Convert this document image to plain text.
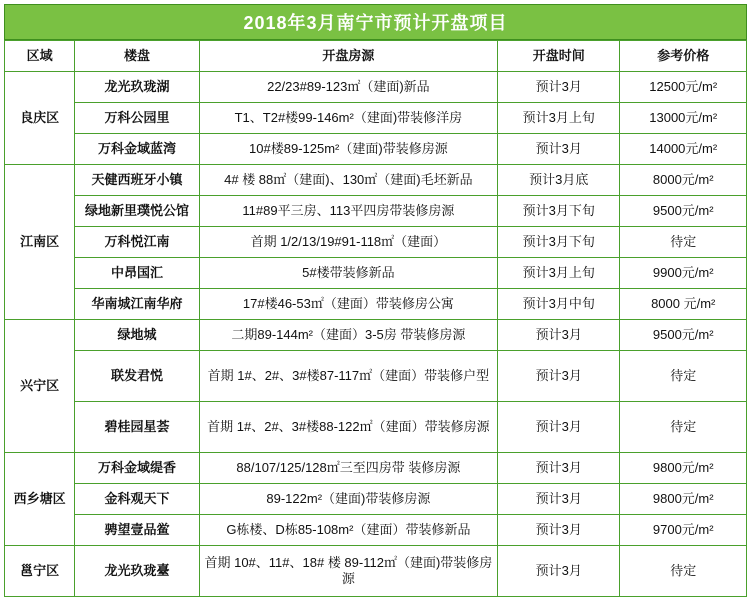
2018年3月南宁市预计开盘项目
区域	楼盘	开盘房源	开盘时间	参考价格
良庆区	龙光玖珑湖	22/23#89-123㎡（建面)新品	预计3月	12500元/m²
	万科公园里	T1、T2#楼99-146m²（建面)带装修洋房	预计3月上旬	13000元/m²
	万科金域蓝湾	10#楼89-125m²（建面)带装修房源	预计3月	14000元/m²
江南区	天健西班牙小镇	4# 楼 88㎡（建面)、130㎡（建面)毛坯新品	预计3月底	8000元/m²
	绿地新里璞悦公馆	11#89平三房、113平四房带装修房源	预计3月下旬	9500元/m²
	万科悦江南	首期 1/2/13/19#91-118㎡（建面）	预计3月下旬	待定
	中昂国汇	5#楼带装修新品	预计3月上旬	9900元/m²
	华南城江南华府	17#楼46-53㎡（建面）带装修房公寓	预计3月中旬	8000 元/m²
兴宁区	绿地城	二期89-144m²（建面）3-5房 带装修房源	预计3月	9500元/m²
	联发君悦	首期 1#、2#、3#楼87-117㎡（建面）带装修户型	预计3月	待定
	碧桂园星荟	首期 1#、2#、3#楼88-122㎡（建面）带装修房源	预计3月	待定
西乡塘区	万科金域缇香	88/107/125/128㎡三至四房带 装修房源	预计3月	9800元/m²
	金科观天下	89-122m²（建面)带装修房源	预计3月	9800元/m²
	骋望壹品鲎	G栋楼、D栋85-108m²（建面）带装修新品	预计3月	9700元/m²
邕宁区	龙光玖珑臺	首期 10#、11#、18# 楼 89-112㎡（建面)带装修房源	预计3月	待定
